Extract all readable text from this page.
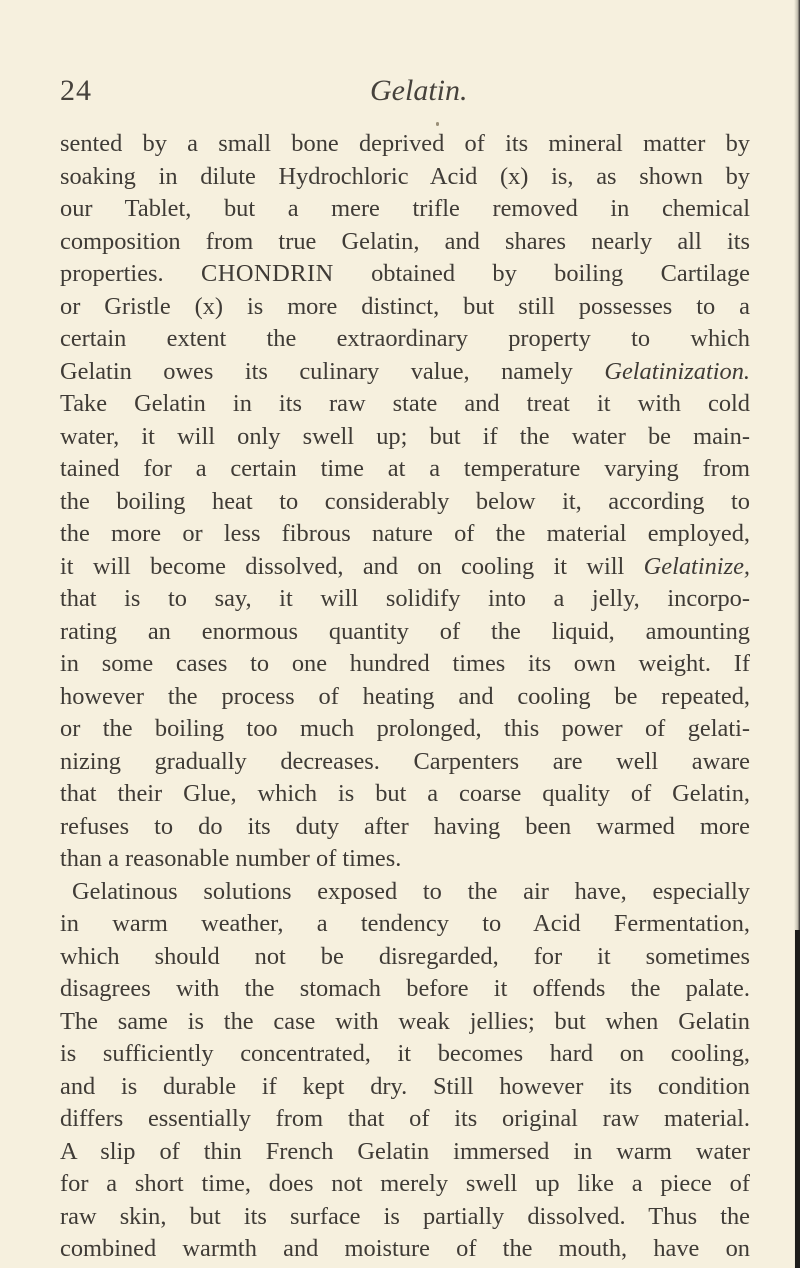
24	Gelatin.
sented by a small bone deprived of its mineral matter by
soaking in dilute Hydrochloric Acid (x) is, as shown by
our Tablet, but a mere trifle removed in chemical
composition from true Gelatin, and shares nearly all its
properties. CHONDRIN obtained by boiling Cartilage
or Gristle (x) is more distinct, but still possesses to a
certain extent the extraordinary property to which
Gelatin owes its culinary value, namely Gelatinization.
Take Gelatin in its raw state and treat it with cold
water, it will only swell up; but if the water be main-
tained for a certain time at a temperature varying from
the boiling heat to considerably below it, according to
the more or less fibrous nature of the material employed,
it will become dissolved, and on cooling it will Gelatinize,
that is to say, it will solidify into a jelly, incorpo-
rating an enormous quantity of the liquid, amounting
in some cases to one hundred times its own weight. If
however the process of heating and cooling be repeated,
or the boiling too much prolonged, this power of gelati-
nizing gradually decreases. Carpenters are well aware
that their Glue, which is but a coarse quality of Gelatin,
refuses to do its duty after having been warmed more
than a reasonable number of times.
Gelatinous solutions exposed to the air have, especially
in warm weather, a tendency to Acid Fermentation,
which should not be disregarded, for it sometimes
disagrees with the stomach before it offends the palate.
The same is the case with weak jellies; but when Gelatin
is sufficiently concentrated, it becomes hard on cooling,
and is durable if kept dry. Still however its condition
differs essentially from that of its original raw material.
A slip of thin French Gelatin immersed in warm water
for a short time, does not merely swell up like a piece of
raw skin, but its surface is partially dissolved. Thus the
combined warmth and moisture of the mouth, have on
